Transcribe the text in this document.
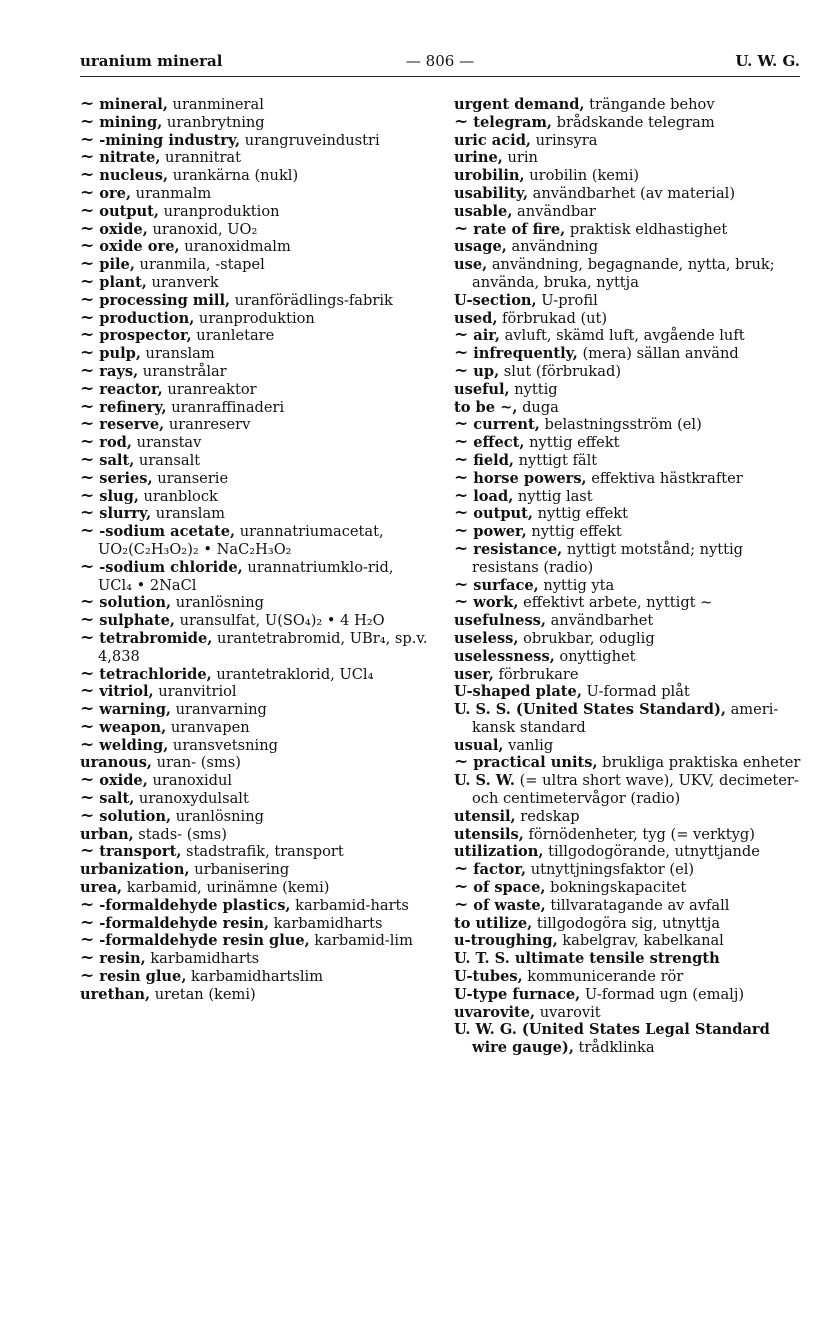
uranium mineral	— 806 —	U. W. G.
~ mineral, uranmineral
~ mining, uranbrytning
~ -mining industry, urangruveindustri
~ nitrate, urannitrat
~ nucleus, urankärna (nukl)
~ ore, uranmalm
~ output, uranproduktion
~ oxide, uranoxid, UO₂
~ oxide ore, uranoxidmalm
~ pile, uranmila, -stapel
~ plant, uranverk
~ processing mill, uranförädlings-fabrik
~ production, uranproduktion
~ prospector, uranletare
~ pulp, uranslam
~ rays, uranstrålar
~ reactor, uranreaktor
~ refinery, uranraffinaderi
~ reserve, uranreserv
~ rod, uranstav
~ salt, uransalt
~ series, uranserie
~ slug, uranblock
~ slurry, uranslam
~ -sodium acetate, urannatriumacetat, UO₂(C₂H₃O₂)₂ • NaC₂H₃O₂
~ -sodium chloride, urannatriumklo-rid, UCl₄ • 2NaCl
~ solution, uranlösning
~ sulphate, uransulfat, U(SO₄)₂ • 4 H₂O
~ tetrabromide, urantetrabromid, UBr₄, sp.v. 4,838
~ tetrachloride, urantetraklorid, UCl₄
~ vitriol, uranvitriol
~ warning, uranvarning
~ weapon, uranvapen
~ welding, uransvetsning
uranous, uran- (sms)
~ oxide, uranoxidul
~ salt, uranoxydulsalt
~ solution, uranlösning
urban, stads- (sms)
~ transport, stadstrafik, transport
urbanization, urbanisering
urea, karbamid, urinämne (kemi)
~ -formaldehyde plastics, karbamid-harts
~ -formaldehyde resin, karbamidharts
~ -formaldehyde resin glue, karbamid-lim
~ resin, karbamidharts
~ resin glue, karbamidhartslim
urethan, uretan (kemi)
urgent demand, trängande behov
~ telegram, brådskande telegram
uric acid, urinsyra
urine, urin
urobilin, urobilin (kemi)
usability, användbarhet (av material)
usable, användbar
~ rate of fire, praktisk eldhastighet
usage, användning
use, användning, begagnande, nytta, bruk; använda, bruka, nyttja
U-section, U-profil
used, förbrukad (ut)
~ air, avluft, skämd luft, avgående luft
~ infrequently, (mera) sällan använd
~ up, slut (förbrukad)
useful, nyttig
to be ~, duga
~ current, belastningsström (el)
~ effect, nyttig effekt
~ field, nyttigt fält
~ horse powers, effektiva hästkrafter
~ load, nyttig last
~ output, nyttig effekt
~ power, nyttig effekt
~ resistance, nyttigt motstånd; nyttig resistans (radio)
~ surface, nyttig yta
~ work, effektivt arbete, nyttigt ~
usefulness, användbarhet
useless, obrukbar, oduglig
uselessness, onyttighet
user, förbrukare
U-shaped plate, U-formad plåt
U. S. S. (United States Standard), ameri-kansk standard
usual, vanlig
~ practical units, brukliga praktiska enheter
U. S. W. (= ultra short wave), UKV, decimeter- och centimetervågor (radio)
utensil, redskap
utensils, förnödenheter, tyg (= verktyg)
utilization, tillgodogörande, utnyttjande
~ factor, utnyttjningsfaktor (el)
~ of space, bokningskapacitet
~ of waste, tillvaratagande av avfall
to utilize, tillgodogöra sig, utnyttja
u-troughing, kabelgrav, kabelkanal
U. T. S. ultimate tensile strength
U-tubes, kommunicerande rör
U-type furnace, U-formad ugn (emalj)
uvarovite, uvarovit
U. W. G. (United States Legal Standard wire gauge), trådklinka
